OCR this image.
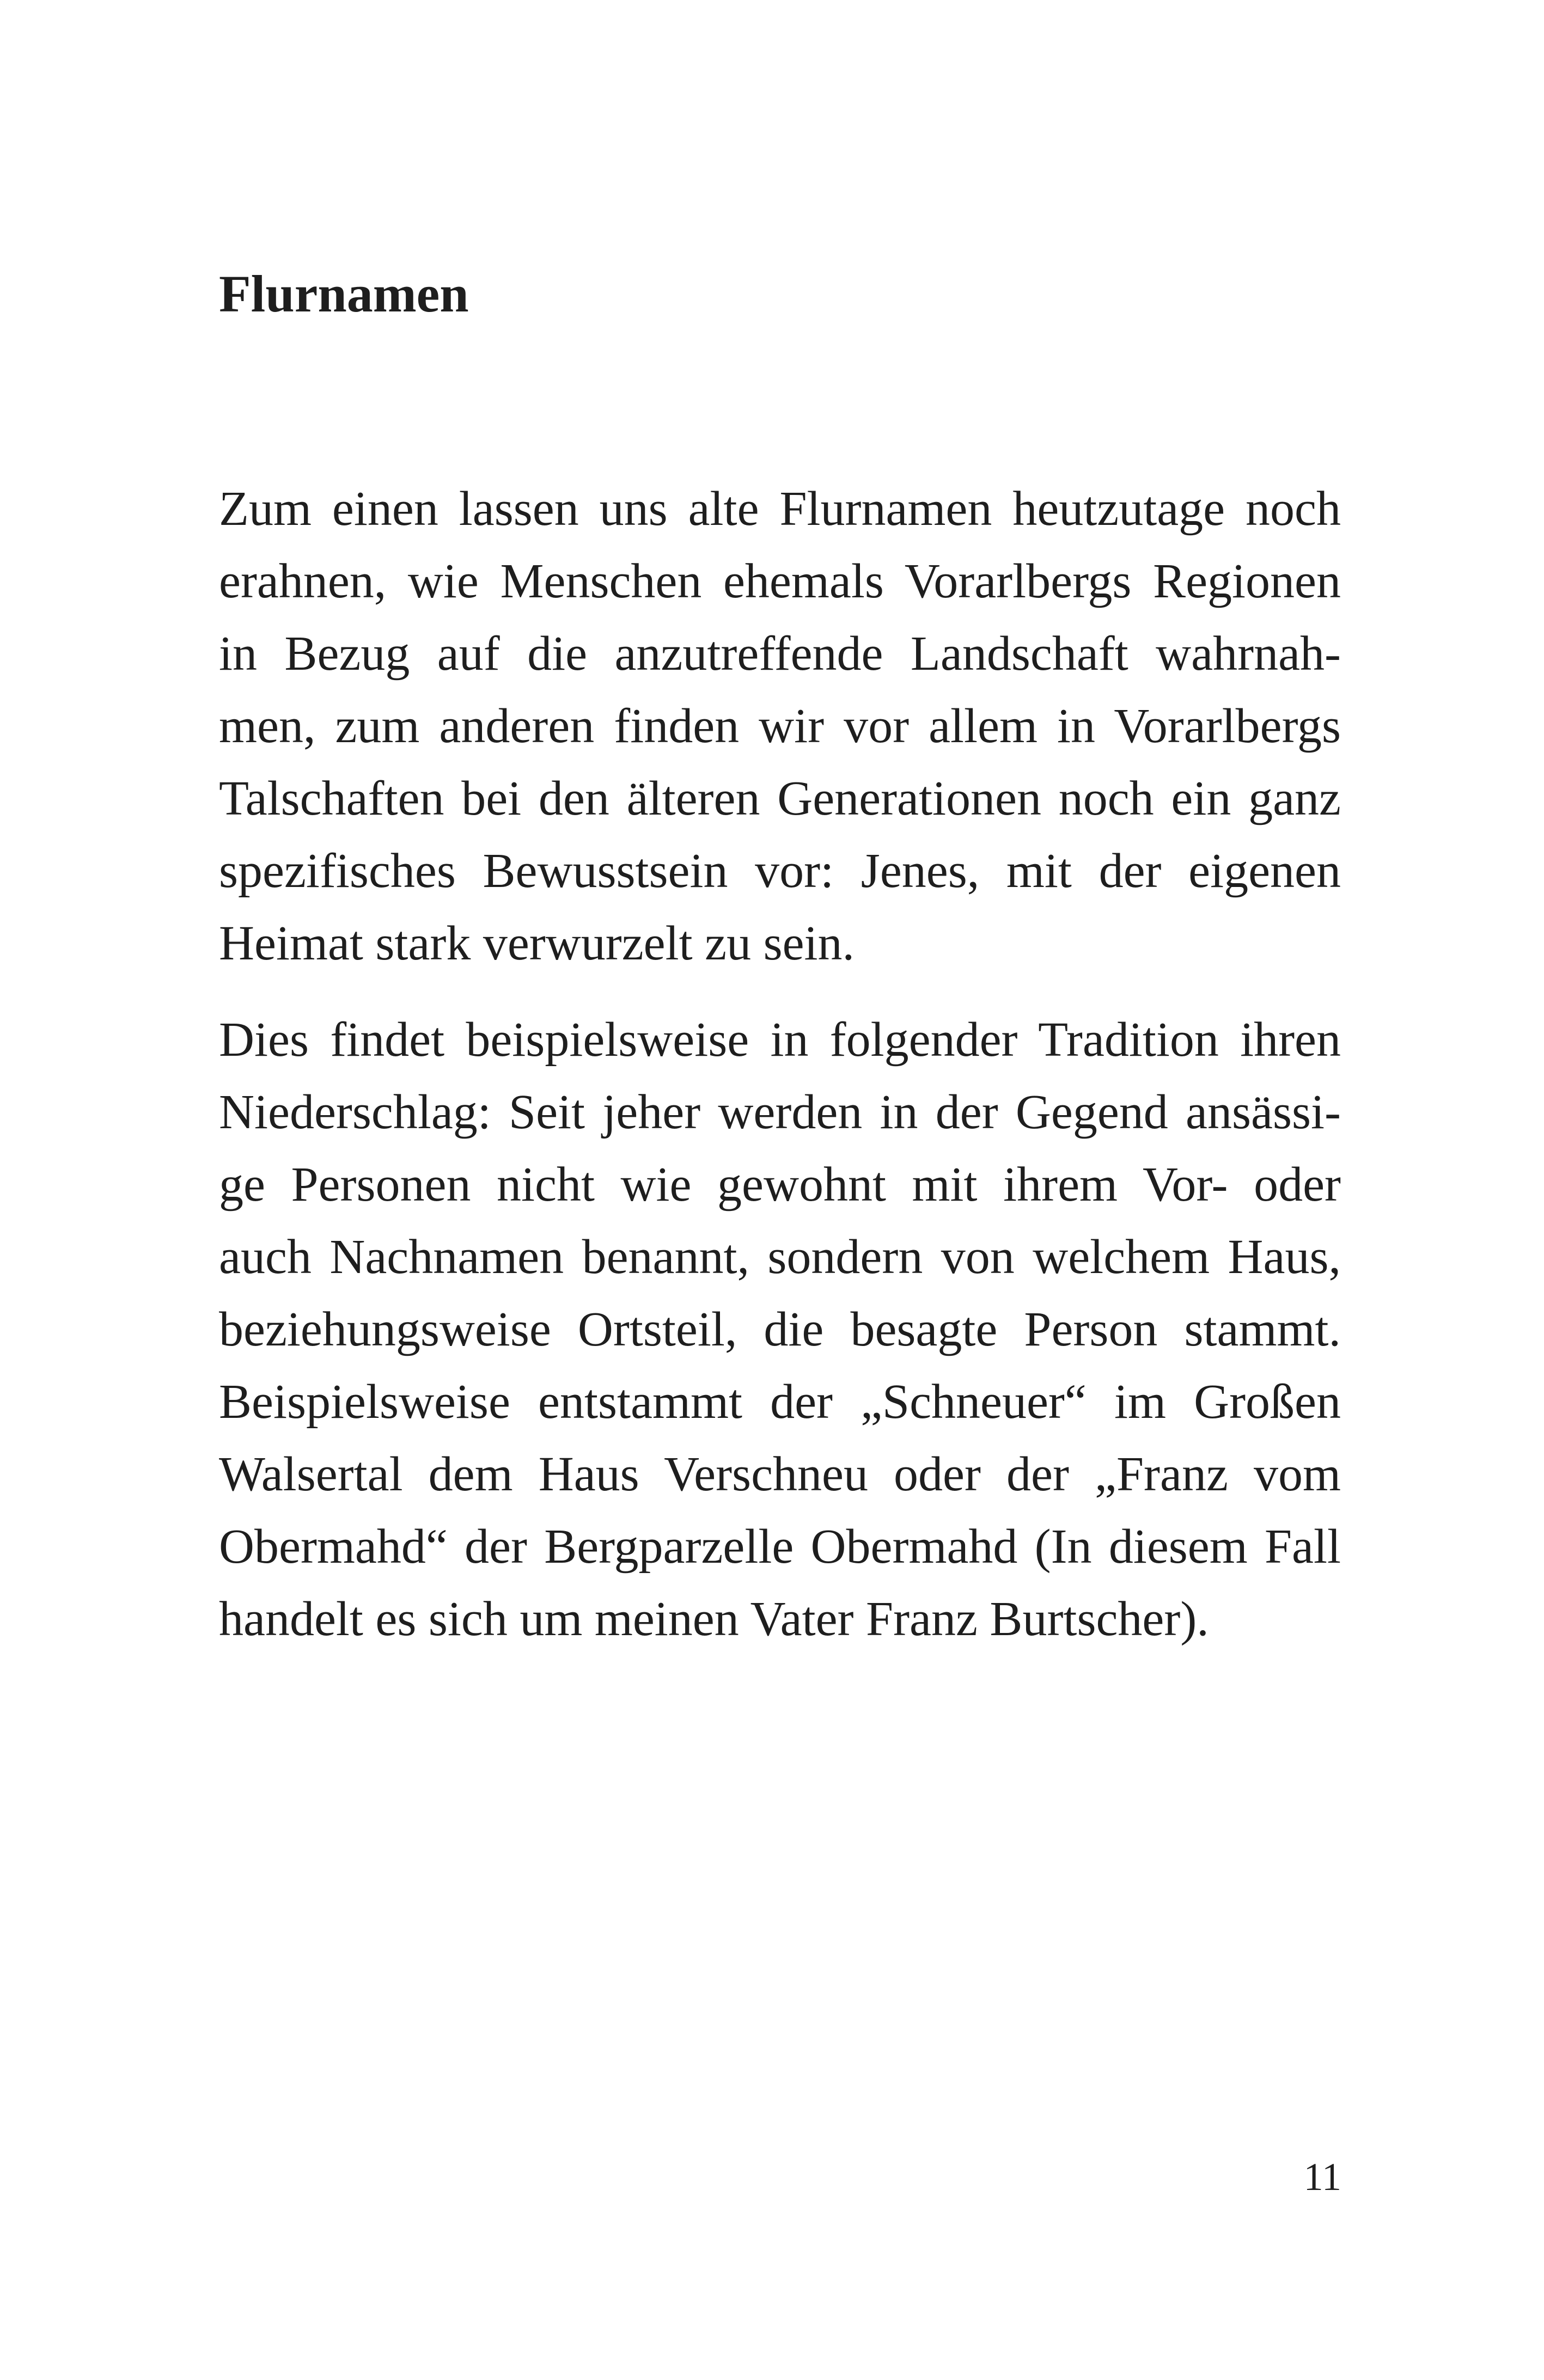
Flurnamen

Zum einen lassen uns alte Flurnamen heutzutage noch
erahnen, wie Menschen ehemals Vorarlbergs Regionen
in Bezug auf die anzutreffende Landschaft wahrnah-
men, zum anderen finden wir vor allem in Vorarlbergs
Talschaften bei den älteren Generationen noch ein ganz
spezifisches Bewusstsein vor: Jenes, mit der eigenen
Heimat stark verwurzelt zu sein.

Dies findet beispielsweise in folgender Tradition ihren
Niederschlag: Seit jeher werden in der Gegend ansässi-
ge Personen nicht wie gewohnt mit ihrem Vor- oder
auch Nachnamen benannt, sondern von welchem Haus,
beziehungsweise Ortsteil, die besagte Person stammt.
Beispielsweise entstammt der „Schneuer“ im Großen
Walsertal dem Haus Verschneu oder der „Franz vom
Obermahd“ der Bergparzelle Obermahd (In diesem Fall
handelt es sich um meinen Vater Franz Burtscher).

11
